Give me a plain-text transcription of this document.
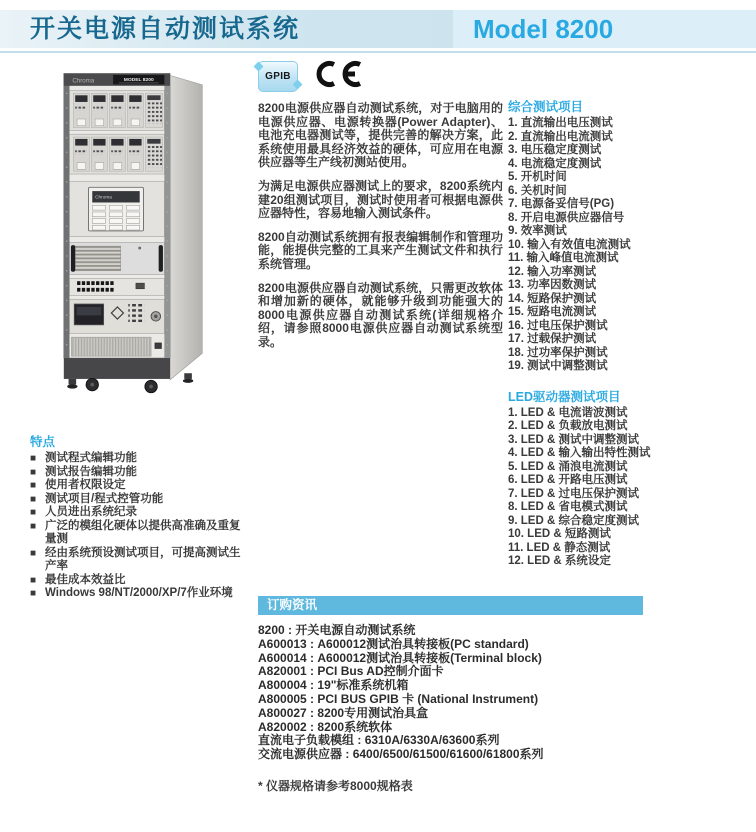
开关电源自动测试系统	Model 8200
Chroma	MODEL 8200
Chroma
GPIB

8200电源供应器自动测试系统，对于电脑用的电源供应器、电源转换器(Power Adapter)、电池充电器测试等，提供完善的解决方案，此系统使用最具经济效益的硬体，可应用在电源供应器等生产线初测站使用。

为满足电源供应器测试上的要求，8200系统内建20组测试项目，测试时使用者可根据电源供应器特性，容易地输入测试条件。

8200自动测试系统拥有报表编辑制作和管理功能，能提供完整的工具来产生测试文件和执行系统管理。

8200电源供应器自动测试系统，只需更改软体和增加新的硬体，就能够升级到功能强大的8000电源供应器自动测试系统(详细规格介绍，请参照8000电源供应器自动测试系统型录。

综合测试项目
1. 直流输出电压测试
2. 直流输出电流测试
3. 电压稳定度测试
4. 电流稳定度测试
5. 开机时间
6. 关机时间
7. 电源备妥信号(PG)
8. 开启电源供应器信号
9. 效率测试
10. 输入有效值电流测试
11. 输入峰值电流测试
12. 输入功率测试
13. 功率因数测试
14. 短路保护测试
15. 短路电流测试
16. 过电压保护测试
17. 过载保护测试
18. 过功率保护测试
19. 测试中调整测试
LED驱动器测试项目
1. LED & 电流谐波测试
2. LED & 负载放电测试
3. LED & 测试中调整测试
4. LED & 输入输出特性测试
5. LED & 涌浪电流测试
6. LED & 开路电压测试
7. LED & 过电压保护测试
8. LED & 省电模式测试
9. LED & 综合稳定度测试
10. LED & 短路测试
11. LED & 静态测试
12. LED & 系统设定
特点
■ 测试程式编辑功能
■ 测试报告编辑功能
■ 使用者权限设定
■ 测试项目/程式控管功能
■ 人员进出系统纪录
■ 广泛的模组化硬体以提供高准确及重复量测
■ 经由系统预设测试项目，可提高测试生产率
■ 最佳成本效益比
■ Windows 98/NT/2000/XP/7作业环境
订购资讯
8200 : 开关电源自动测试系统
A600013 : A600012测试治具转接板(PC standard)
A600014 : A600012测试治具转接板(Terminal block)
A820001 : PCI Bus AD控制介面卡
A800004 : 19"标准系统机箱
A800005 : PCI BUS GPIB 卡 (National Instrument)
A800027 : 8200专用测试治具盒
A820002 : 8200系统软体
直流电子负载模组 : 6310A/6330A/63600系列
交流电源供应器 : 6400/6500/61500/61600/61800系列
* 仪器规格请参考8000规格表
